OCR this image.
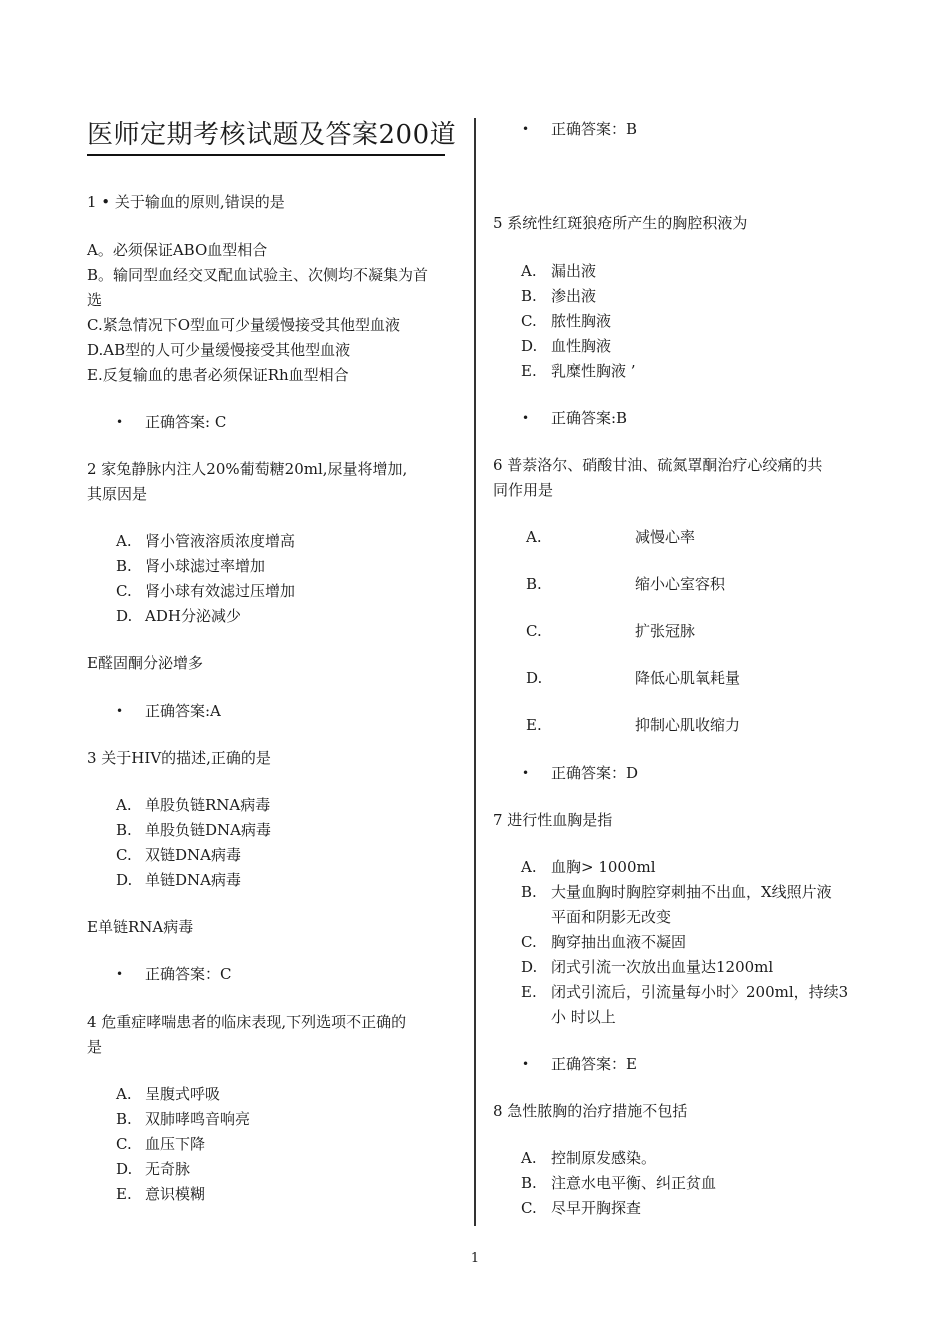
医师定期考核试题及答案200道
1 • 关于输血的原则,错误的是
A。必须保证ABO血型相合
B。输同型血经交叉配血试验主、次侧均不凝集为首
选
C.紧急情况下O型血可少量缓慢接受其他型血液
D.AB型的人可少量缓慢接受其他型血液
E.反复输血的患者必须保证Rh血型相合
• 正确答案: C
2 家兔静脉内注人20%葡萄糖20ml,尿量将增加,
其原因是
A. 肾小管液溶质浓度增高
B. 肾小球滤过率增加
C. 肾小球有效滤过压增加
D. ADH分泌减少
E醛固酮分泌增多
• 正确答案:A
3 关于HIV的描述,正确的是
A. 单股负链RNA病毒
B. 单股负链DNA病毒
C. 双链DNA病毒
D. 单链DNA病毒
E单链RNA病毒
• 正确答案：C
4 危重症哮喘患者的临床表现,下列选项不正确的
是
A. 呈腹式呼吸
B. 双肺哮鸣音响亮
C. 血压下降
D. 无奇脉
E. 意识模糊
• 正确答案：B
5 系统性红斑狼疮所产生的胸腔积液为
A. 漏出液
B. 渗出液
C. 脓性胸液
D. 血性胸液
E. 乳糜性胸液 ’
• 正确答案:B
6 普萘洛尔、硝酸甘油、硫氮罩酮治疗心绞痛的共
同作用是
A.	减慢心率
B.	缩小心室容积
C.	扩张冠脉
D.	降低心肌氧耗量
E.	抑制心肌收缩力
• 正确答案：D
7 进行性血胸是指
A. 血胸> 1000ml
B. 大量血胸时胸腔穿刺抽不出血，X线照片液
平面和阴影无改变
C. 胸穿抽出血液不凝固
D. 闭式引流一次放出血量达1200ml
E. 闭式引流后，引流量每小时〉200ml，持续3
小 时以上
• 正确答案：E
8 急性脓胸的治疗措施不包括
A. 控制原发感染。
B. 注意水电平衡、纠正贫血
C. 尽早开胸探查
1
